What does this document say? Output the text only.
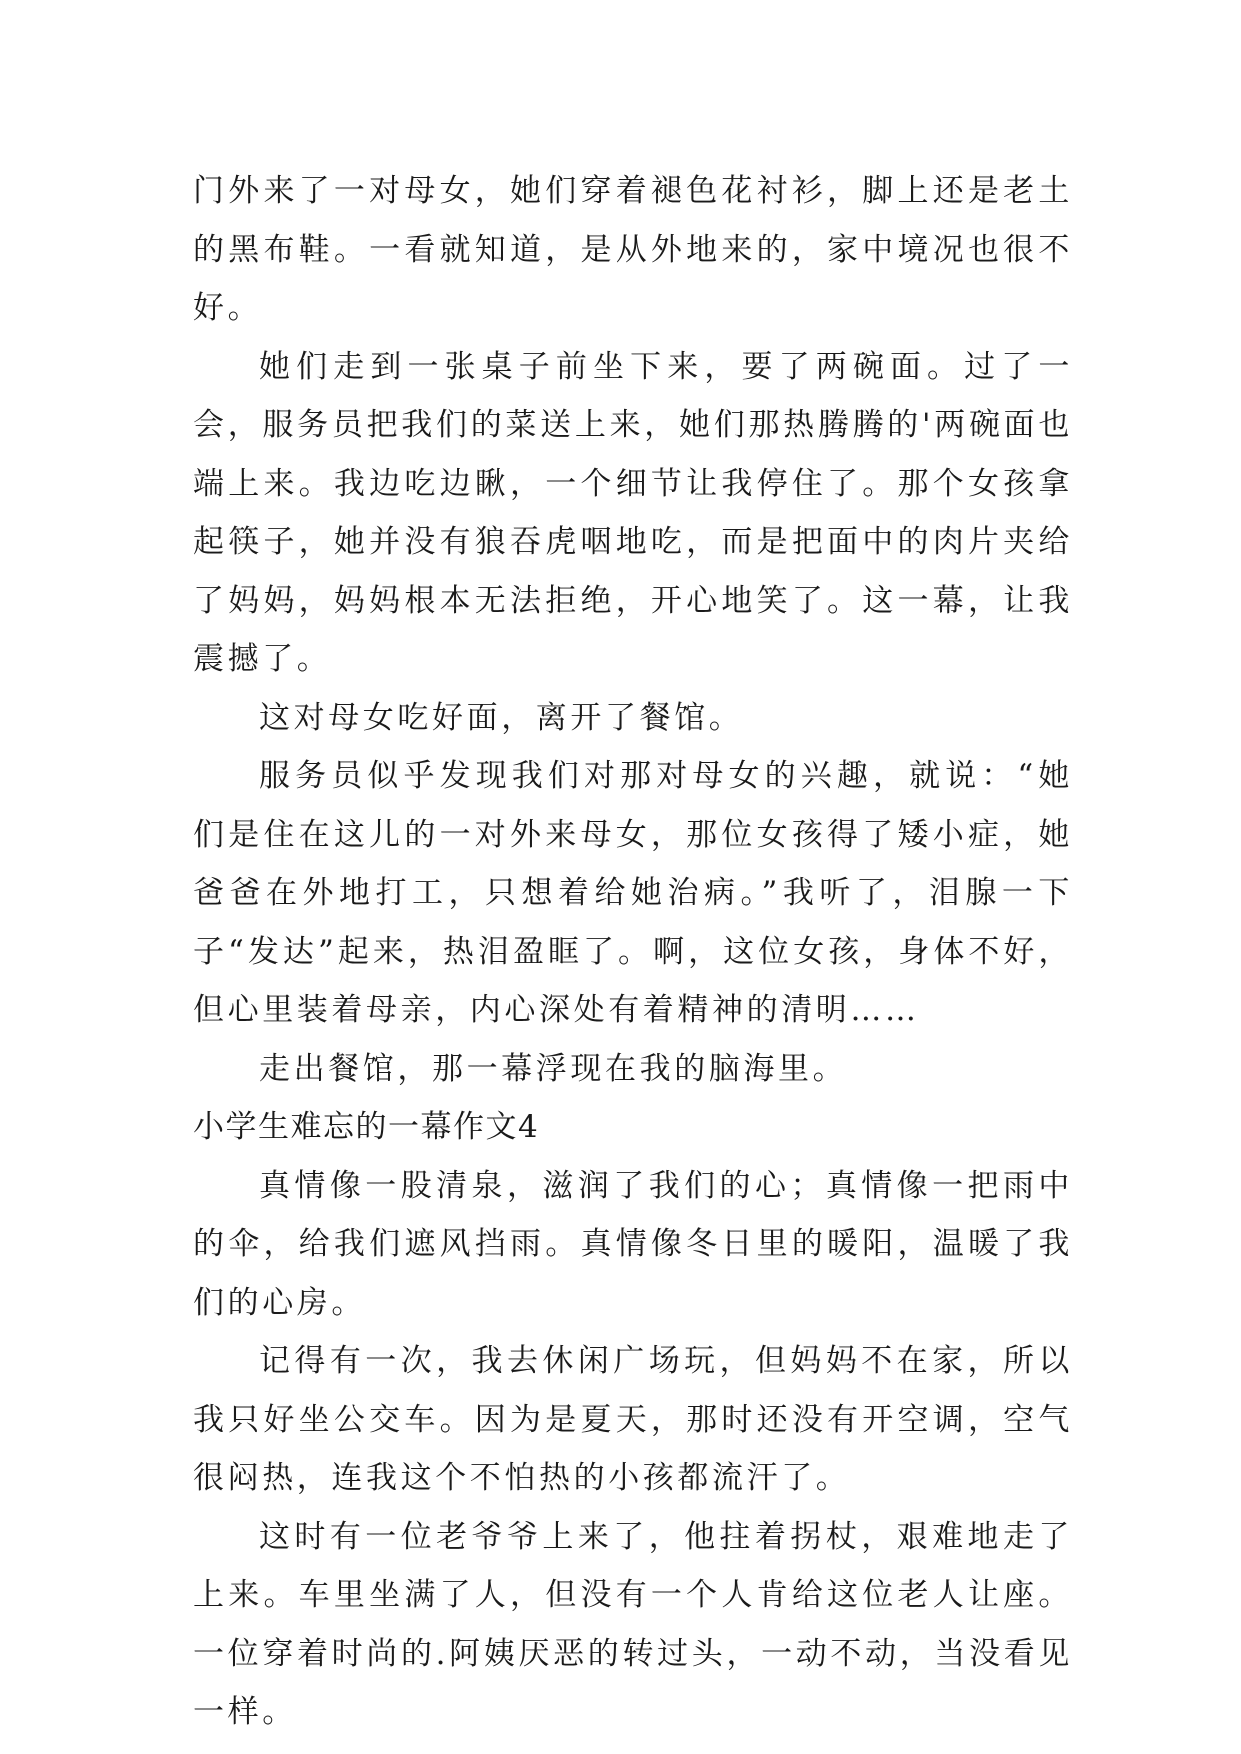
门外来了一对母女，她们穿着褪色花衬衫，脚上还是老土的黑布鞋。一看就知道，是从外地来的，家中境况也很不好。

她们走到一张桌子前坐下来，要了两碗面。过了一会，服务员把我们的菜送上来，她们那热腾腾的'两碗面也端上来。我边吃边瞅，一个细节让我停住了。那个女孩拿起筷子，她并没有狼吞虎咽地吃，而是把面中的肉片夹给了妈妈，妈妈根本无法拒绝，开心地笑了。这一幕，让我震撼了。

这对母女吃好面，离开了餐馆。

服务员似乎发现我们对那对母女的兴趣，就说：“她们是住在这儿的一对外来母女，那位女孩得了矮小症，她爸爸在外地打工，只想着给她治病。”我听了，泪腺一下子“发达”起来，热泪盈眶了。啊，这位女孩，身体不好，但心里装着母亲，内心深处有着精神的清明……

走出餐馆，那一幕浮现在我的脑海里。

小学生难忘的一幕作文4

真情像一股清泉，滋润了我们的心；真情像一把雨中的伞，给我们遮风挡雨。真情像冬日里的暖阳，温暖了我们的心房。

记得有一次，我去休闲广场玩，但妈妈不在家，所以我只好坐公交车。因为是夏天，那时还没有开空调，空气很闷热，连我这个不怕热的小孩都流汗了。

这时有一位老爷爷上来了，他拄着拐杖，艰难地走了上来。车里坐满了人，但没有一个人肯给这位老人让座。一位穿着时尚的.阿姨厌恶的转过头，一动不动，当没看见一样。
